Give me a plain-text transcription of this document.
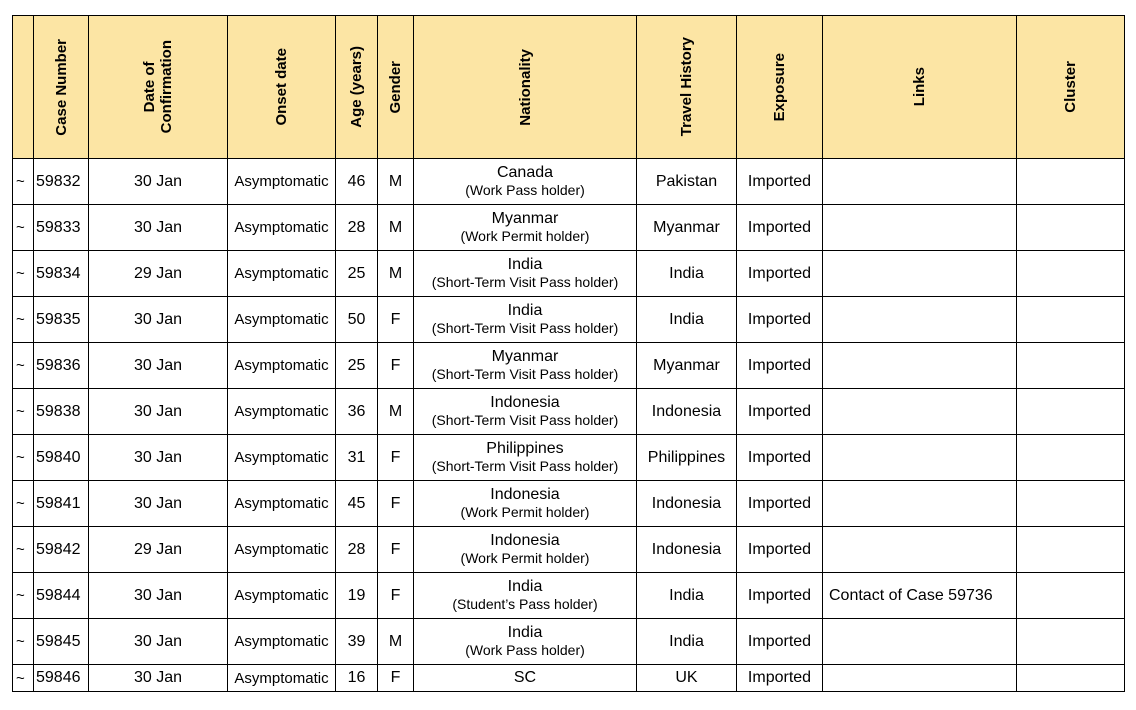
	Case Number	Date of
Confirmation	Onset date	Age (years)	Gender	Nationality	Travel History	Exposure	Links	Cluster

~	59832	30 Jan	Asymptomatic	46	M	Canada
(Work Pass holder)	Pakistan	Imported		
~	59833	30 Jan	Asymptomatic	28	M	Myanmar
(Work Permit holder)	Myanmar	Imported		
~	59834	29 Jan	Asymptomatic	25	M	India
(Short-Term Visit Pass holder)	India	Imported		
~	59835	30 Jan	Asymptomatic	50	F	India
(Short-Term Visit Pass holder)	India	Imported		
~	59836	30 Jan	Asymptomatic	25	F	Myanmar
(Short-Term Visit Pass holder)	Myanmar	Imported		
~	59838	30 Jan	Asymptomatic	36	M	Indonesia
(Short-Term Visit Pass holder)	Indonesia	Imported		
~	59840	30 Jan	Asymptomatic	31	F	Philippines
(Short-Term Visit Pass holder)	Philippines	Imported		
~	59841	30 Jan	Asymptomatic	45	F	Indonesia
(Work Permit holder)	Indonesia	Imported		
~	59842	29 Jan	Asymptomatic	28	F	Indonesia
(Work Permit holder)	Indonesia	Imported		
~	59844	30 Jan	Asymptomatic	19	F	India
(Student’s Pass holder)	India	Imported	Contact of Case 59736	
~	59845	30 Jan	Asymptomatic	39	M	India
(Work Pass holder)	India	Imported		
~	59846	30 Jan	Asymptomatic	16	F	SC	UK	Imported		
